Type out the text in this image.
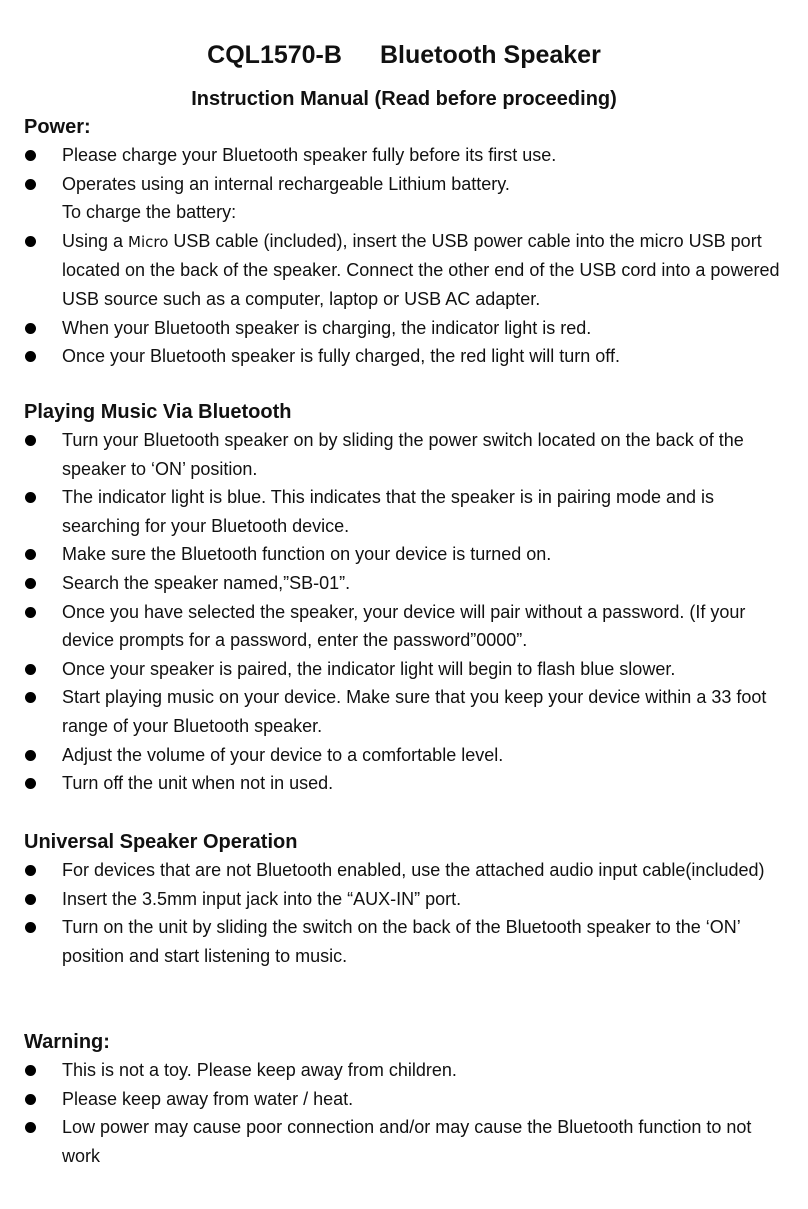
CQL1570-B Bluetooth Speaker
Instruction Manual (Read before proceeding)
Power:
Please charge your Bluetooth speaker fully before its first use.
Operates using an internal rechargeable Lithium battery.
To charge the battery:
Using a Micro USB cable (included), insert the USB power cable into the micro USB port located on the back of the speaker. Connect the other end of the USB cord into a powered USB source such as a computer, laptop or USB AC adapter.
When your Bluetooth speaker is charging, the indicator light is red.
Once your Bluetooth speaker is fully charged, the red light will turn off.
Playing Music Via Bluetooth
Turn your Bluetooth speaker on by sliding the power switch located on the back of the speaker to ‘ON’ position.
The indicator light is blue. This indicates that the speaker is in pairing mode and is searching for your Bluetooth device.
Make sure the Bluetooth function on your device is turned on.
Search the speaker named,”SB-01”.
Once you have selected the speaker, your device will pair without a password. (If your device prompts for a password, enter the password”0000”.
Once your speaker is paired, the indicator light will begin to flash blue slower.
Start playing music on your device. Make sure that you keep your device within a 33 foot range of your Bluetooth speaker.
Adjust the volume of your device to a comfortable level.
Turn off the unit when not in used.
Universal Speaker Operation
For devices that are not Bluetooth enabled, use the attached audio input cable(included)
Insert the 3.5mm input jack into the “AUX-IN” port.
Turn on the unit by sliding the switch on the back of the Bluetooth speaker to the ‘ON’ position and start listening to music.
Warning:
This is not a toy. Please keep away from children.
Please keep away from water / heat.
Low power may cause poor connection and/or may cause the Bluetooth function to not work
